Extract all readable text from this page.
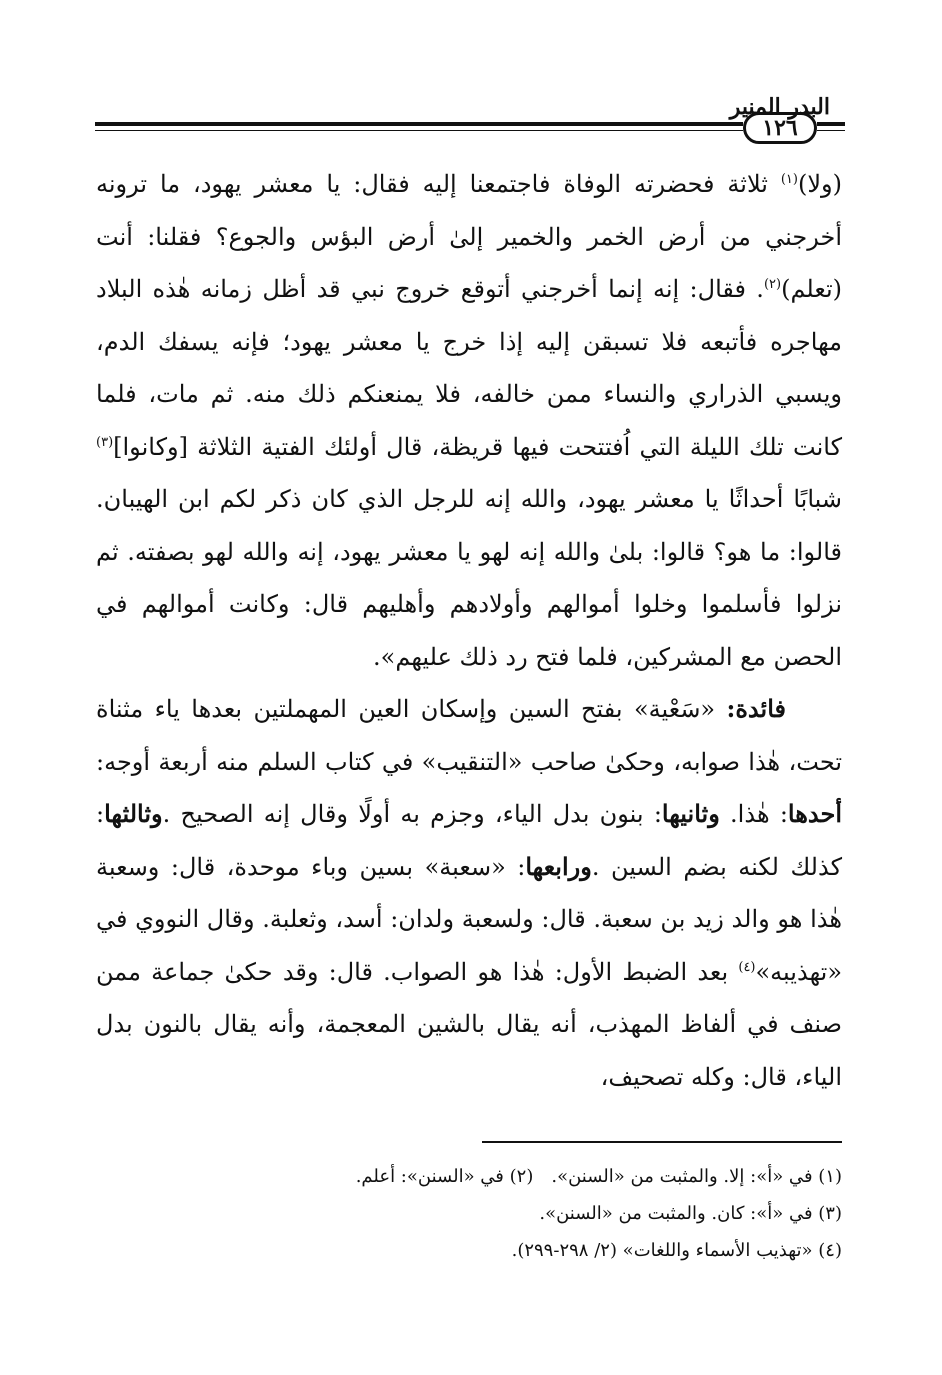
١٢٦
البدر المنير

(ولا)$^{(١)}$ ثلاثة فحضرته الوفاة فاجتمعنا إليه فقال: يا معشر يهود، ما ترونه أخرجني من أرض الخمر والخمير إلىٰ أرض البؤس والجوع؟ فقلنا: أنت (تعلم)$^{(٢)}$. فقال: إنه إنما أخرجني أتوقع خروج نبي قد أظل زمانه هٰذه البلاد مهاجره فأتبعه فلا تسبقن إليه إذا خرج يا معشر يهود؛ فإنه يسفك الدم، ويسبي الذراري والنساء ممن خالفه، فلا يمنعنكم ذلك منه. ثم مات، فلما كانت تلك الليلة التي اُفتتحت فيها قريظة، قال أولئك الفتية الثلاثة [وكانوا]$^{(٣)}$ شبابًا أحداثًا يا معشر يهود، والله إنه للرجل الذي كان ذكر لكم ابن الهيبان. قالوا: ما هو؟ قالوا: بلىٰ والله إنه لهو يا معشر يهود، إنه والله لهو بصفته. ثم نزلوا فأسلموا وخلوا أموالهم وأولادهم وأهليهم قال: وكانت أموالهم في الحصن مع المشركين، فلما فتح رد ذلك عليهم».

فائدة: «سَعْية» بفتح السين وإسكان العين المهملتين بعدها ياء مثناة تحت، هٰذا صوابه، وحكىٰ صاحب «التنقيب» في كتاب السلم منه أربعة أوجه: أحدها: هٰذا. وثانيها: بنون بدل الياء، وجزم به أولًا وقال إنه الصحيح .وثالثها: كذلك لكنه بضم السين .ورابعها: «سعبة» بسين وباء موحدة، قال: وسعبة هٰذا هو والد زيد بن سعبة. قال: ولسعبة ولدان: أسد، وثعلبة. وقال النووي في «تهذيبه»$^{(٤)}$ بعد الضبط الأول: هٰذا هو الصواب. قال: وقد حكىٰ جماعة ممن صنف في ألفاظ المهذب، أنه يقال بالشين المعجمة، وأنه يقال بالنون بدل الياء، قال: وكله تصحيف،

(١) في «أ»: إلا. والمثبت من «السنن».(٢) في «السنن»: أعلم.
(٣) في «أ»: كان. والمثبت من «السنن».
(٤) «تهذيب الأسماء واللغات» (٢/ ٢٩٨-٢٩٩).
